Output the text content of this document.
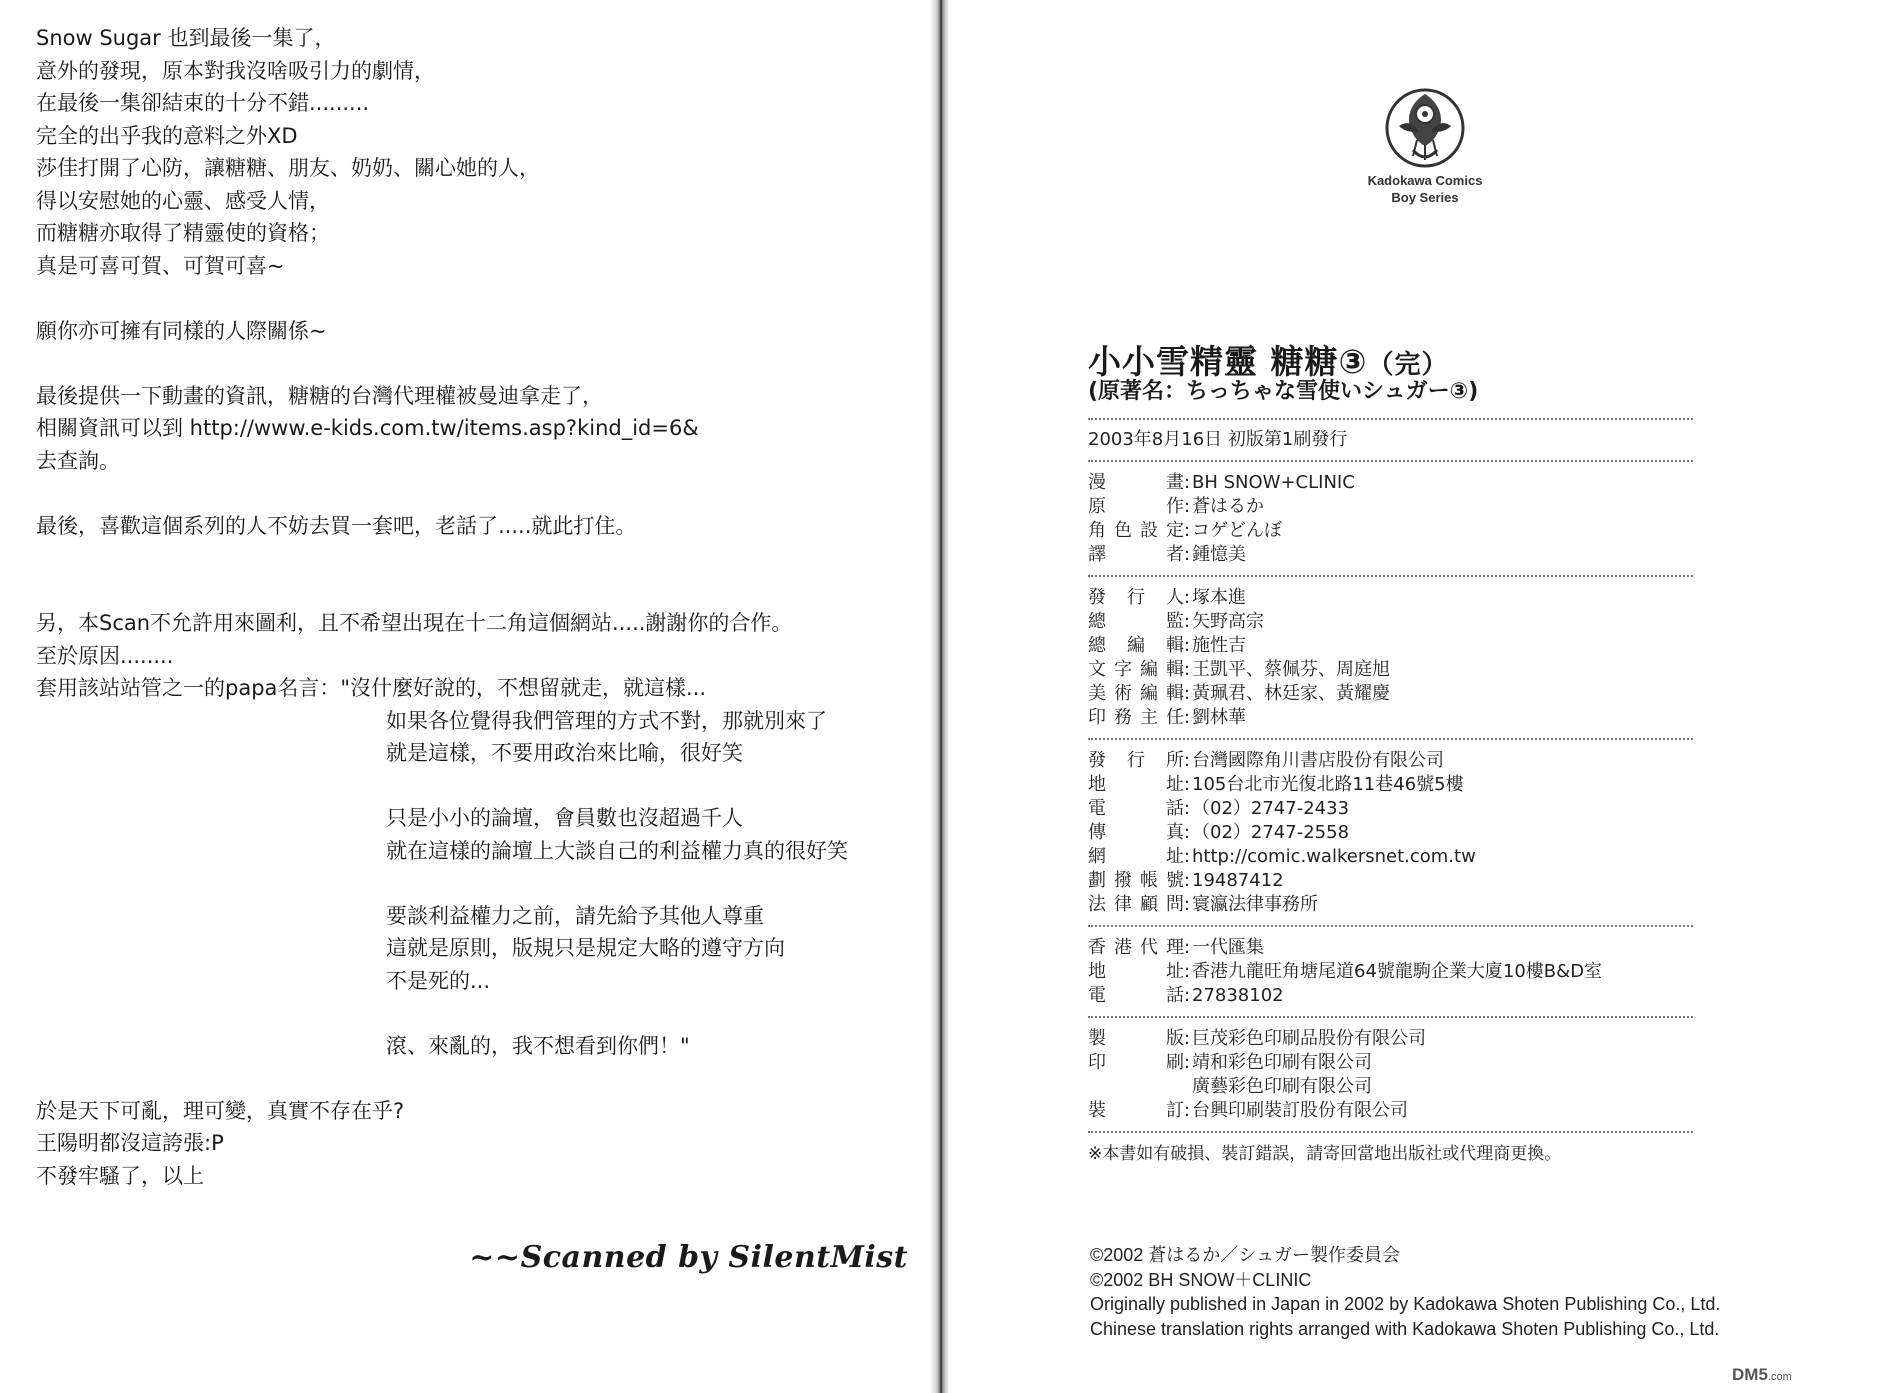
Snow Sugar 也到最後一集了，
意外的發現，原本對我沒啥吸引力的劇情，
在最後一集卻結束的十分不錯.........
完全的出乎我的意料之外XD
莎佳打開了心防，讓糖糖、朋友、奶奶、關心她的人，
得以安慰她的心靈、感受人情，
而糖糖亦取得了精靈使的資格；
真是可喜可賀、可賀可喜~
願你亦可擁有同樣的人際關係~
最後提供一下動畫的資訊，糖糖的台灣代理權被曼迪拿走了，
相關資訊可以到 http://www.e-kids.com.tw/items.asp?kind_id=6&
去查詢。
最後，喜歡這個系列的人不妨去買一套吧，老話了.....就此打住。
另，本Scan不允許用來圖利，且不希望出現在十二角這個網站.....謝謝你的合作。
至於原因........
套用該站站管之一的papa名言："沒什麼好說的，不想留就走，就這樣...
如果各位覺得我們管理的方式不對，那就別來了
就是這樣，不要用政治來比喻，很好笑
只是小小的論壇，會員數也沒超過千人
就在這樣的論壇上大談自己的利益權力真的很好笑
要談利益權力之前，請先給予其他人尊重
這就是原則，版規只是規定大略的遵守方向
不是死的...
滾、來亂的，我不想看到你們！"
於是天下可亂，理可變，真實不存在乎?
王陽明都沒這誇張:P
不發牢騷了，以上
~~Scanned by SilentMist
Kadokawa Comics
Boy Series
小小雪精靈 糖糖③（完）
(原著名：ちっちゃな雪使いシュガー③)
2003年8月16日 初版第1刷發行
漫畫: BH SNOW+CLINIC
原作: 蒼はるか
角色設定: コゲどんぼ
譯者: 鍾憶美
發行人: 塚本進
總監: 矢野高宗
總編輯: 施性吉
文字編輯: 王凱平、蔡佩芬、周庭旭
美術編輯: 黃珮君、林廷家、黃耀慶
印務主任: 劉林華
發行所: 台灣國際角川書店股份有限公司
地址: 105台北市光復北路11巷46號5樓
電話: （02）2747-2433
傳真: （02）2747-2558
網址: http://comic.walkersnet.com.tw
劃撥帳號: 19487412
法律顧問: 寰瀛法律事務所
香港代理: 一代匯集
地址: 香港九龍旺角塘尾道64號龍駒企業大廈10樓B&D室
電話: 27838102
製版: 巨茂彩色印刷品股份有限公司
印刷: 靖和彩色印刷有限公司
廣藝彩色印刷有限公司
裝訂: 台興印刷裝訂股份有限公司
※本書如有破損、裝訂錯誤，請寄回當地出版社或代理商更換。
©2002 蒼はるか／シュガー製作委員会
©2002 BH SNOW＋CLINIC
Originally published in Japan in 2002 by Kadokawa Shoten Publishing Co., Ltd.
Chinese translation rights arranged with Kadokawa Shoten Publishing Co., Ltd.
DM5.com
